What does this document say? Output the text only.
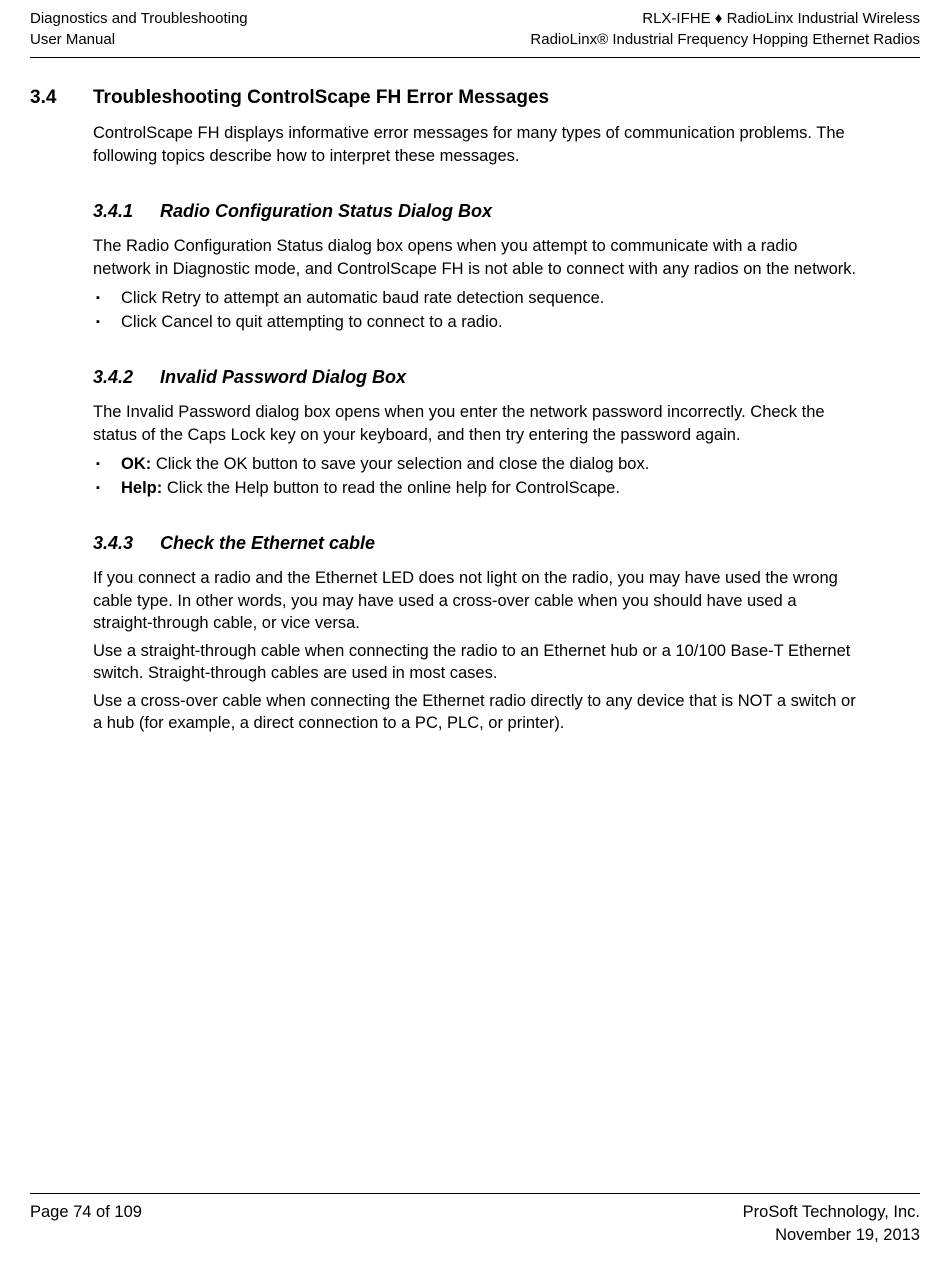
Diagnostics and Troubleshooting
User Manual
RLX-IFHE ♦ RadioLinx Industrial Wireless
RadioLinx® Industrial Frequency Hopping Ethernet Radios
3.4	Troubleshooting ControlScape FH Error Messages

ControlScape FH displays informative error messages for many types of communication problems. The following topics describe how to interpret these messages.

3.4.1	Radio Configuration Status Dialog Box

The Radio Configuration Status dialog box opens when you attempt to communicate with a radio network in Diagnostic mode, and ControlScape FH is not able to connect with any radios on the network.

▪	Click Retry to attempt an automatic baud rate detection sequence.
▪	Click Cancel to quit attempting to connect to a radio.
3.4.2	Invalid Password Dialog Box

The Invalid Password dialog box opens when you enter the network password incorrectly. Check the status of the Caps Lock key on your keyboard, and then try entering the password again.

▪	OK: Click the OK button to save your selection and close the dialog box.
▪	Help: Click the Help button to read the online help for ControlScape.
3.4.3	Check the Ethernet cable

If you connect a radio and the Ethernet LED does not light on the radio, you may have used the wrong cable type. In other words, you may have used a cross-over cable when you should have used a straight-through cable, or vice versa.

Use a straight-through cable when connecting the radio to an Ethernet hub or a 10/100 Base-T Ethernet switch. Straight-through cables are used in most cases.

Use a cross-over cable when connecting the Ethernet radio directly to any device that is NOT a switch or a hub (for example, a direct connection to a PC, PLC, or printer).

Page 74 of 109	ProSoft Technology, Inc.
November 19, 2013
